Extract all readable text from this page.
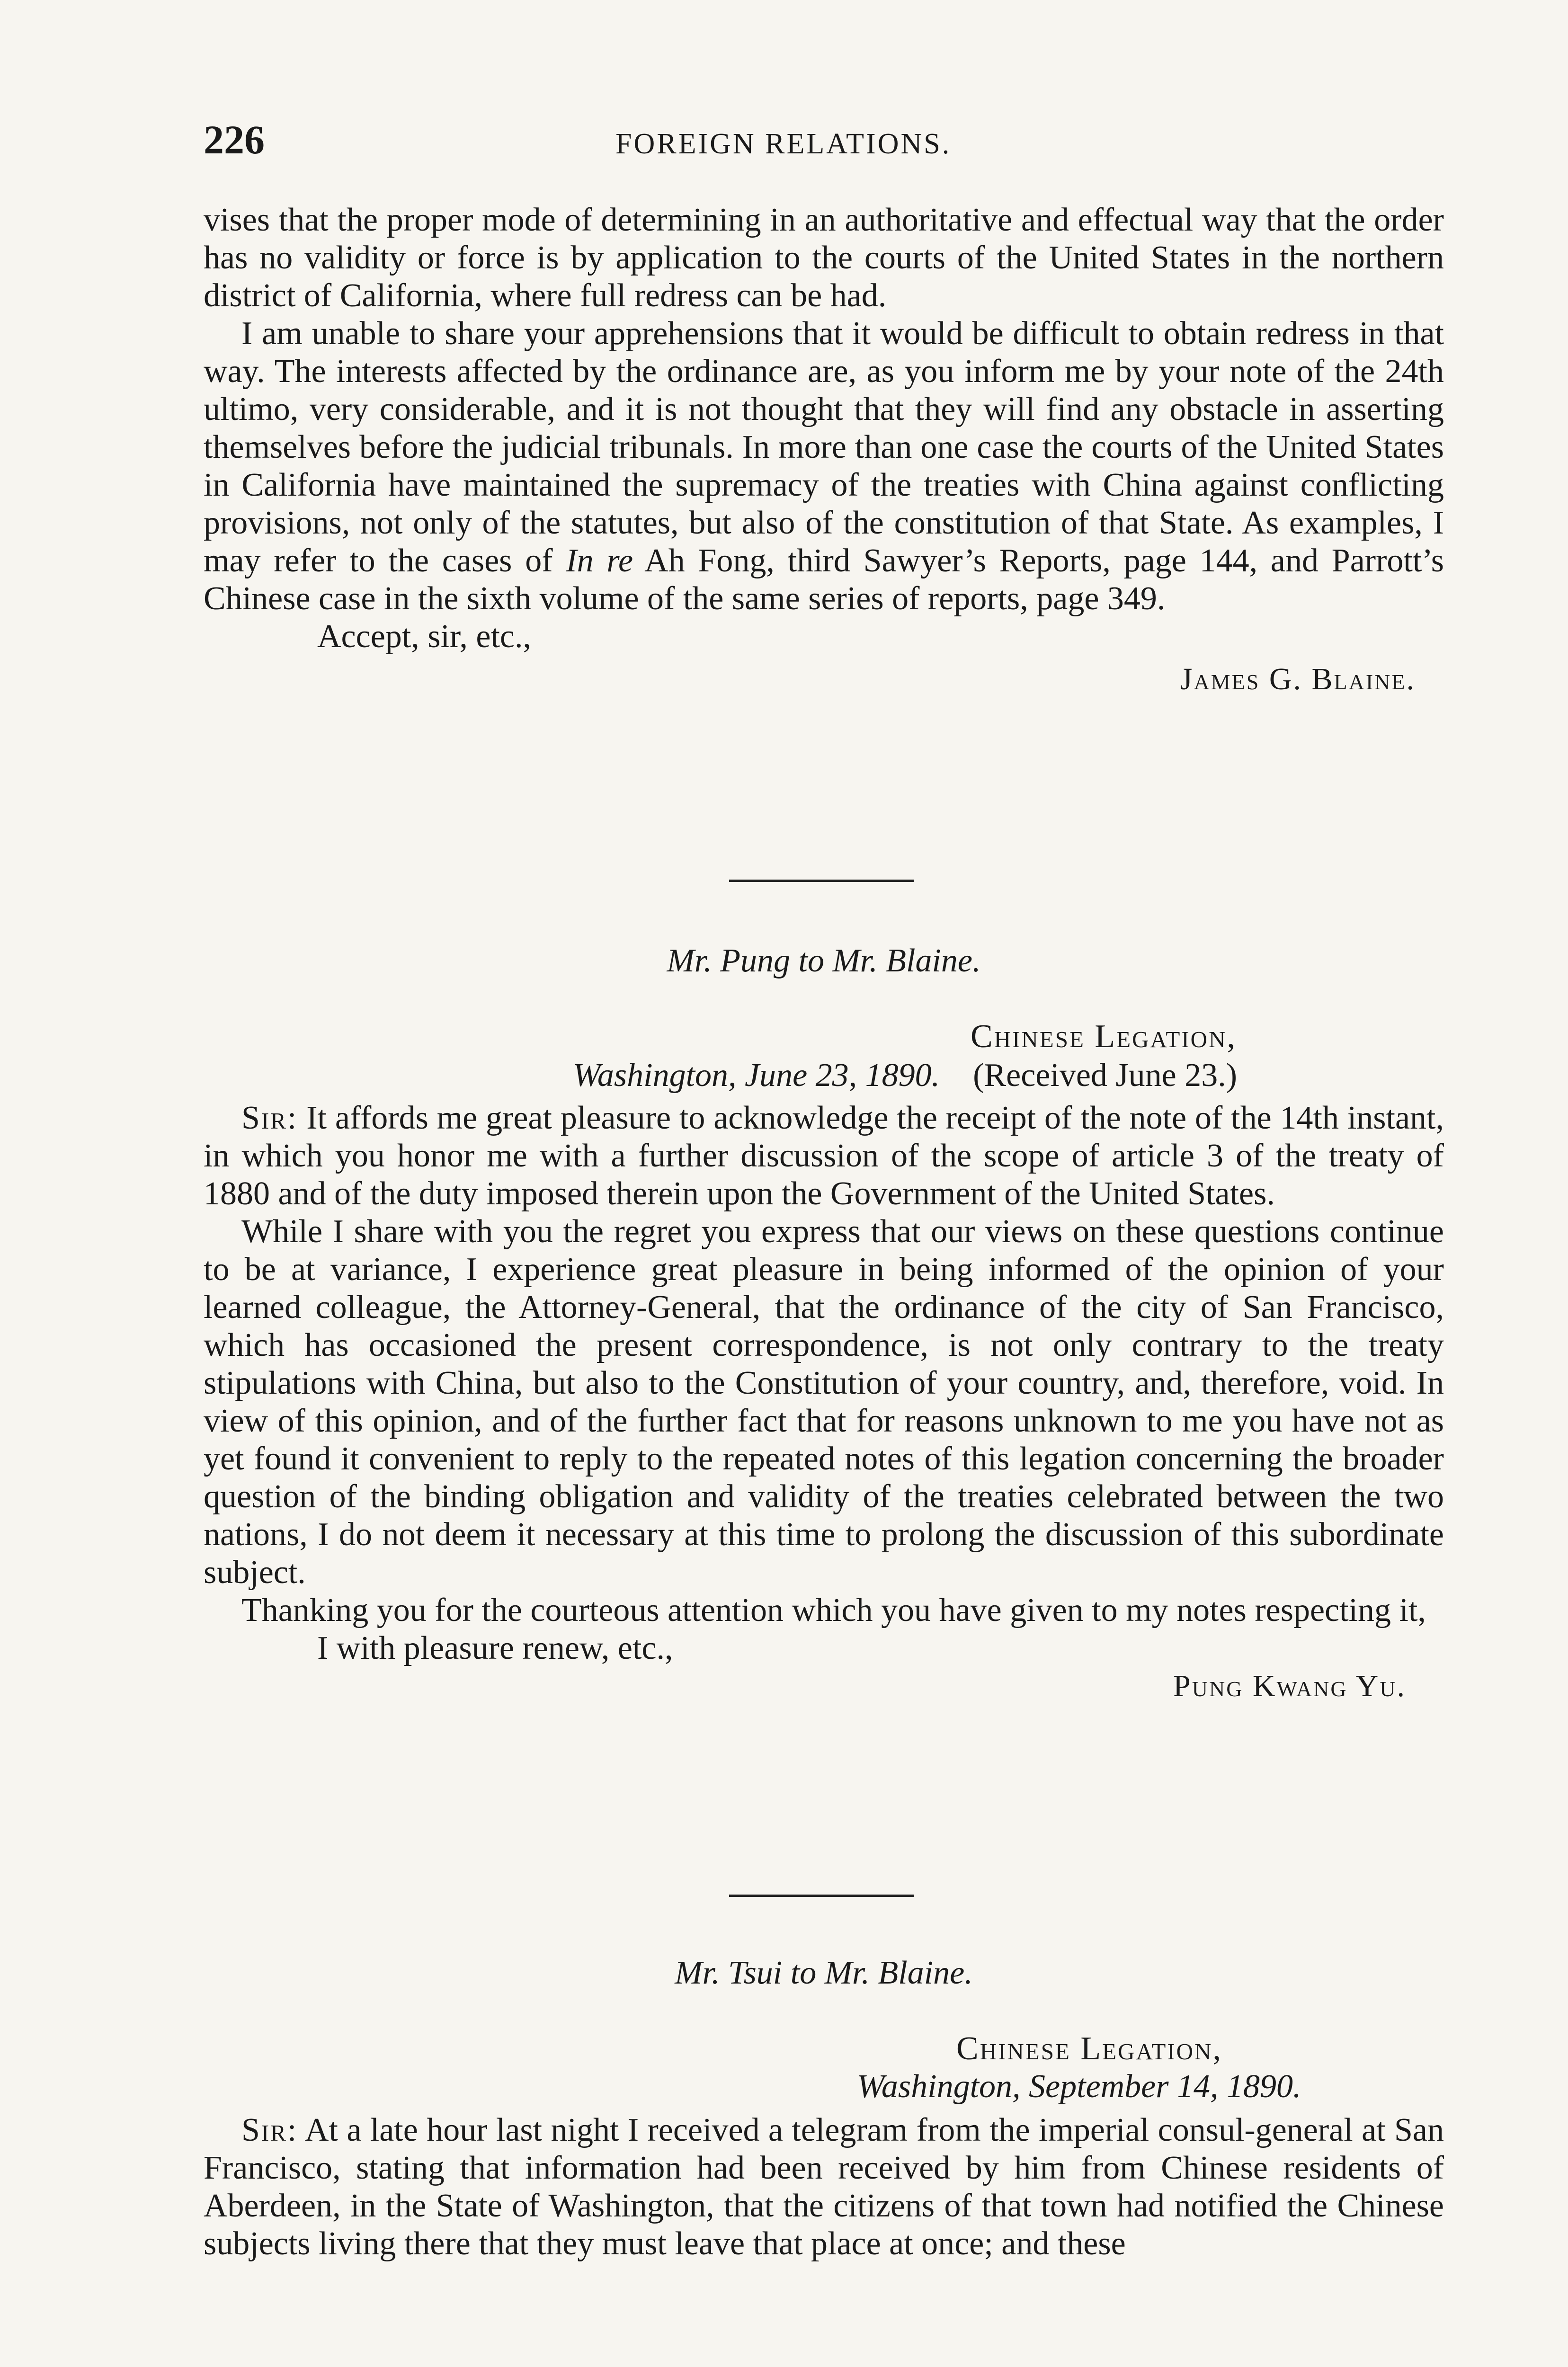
226	FOREIGN RELATIONS.

vises that the proper mode of determining in an authoritative and effectual way that the order has no validity or force is by application to the courts of the United States in the northern district of California, where full redress can be had.

I am unable to share your apprehensions that it would be difficult to obtain redress in that way. The interests affected by the ordinance are, as you inform me by your note of the 24th ultimo, very considerable, and it is not thought that they will find any obstacle in asserting themselves before the judicial tribunals. In more than one case the courts of the United States in California have maintained the supremacy of the treaties with China against conflicting provisions, not only of the statutes, but also of the constitution of that State. As examples, I may refer to the cases of In re Ah Fong, third Sawyer’s Reports, page 144, and Parrott’s Chinese case in the sixth volume of the same series of reports, page 349.

Accept, sir, etc.,

James G. Blaine.

Mr. Pung to Mr. Blaine.
Chinese Legation,
Washington, June 23, 1890. (Received June 23.)

Sir: It affords me great pleasure to acknowledge the receipt of the note of the 14th instant, in which you honor me with a further discussion of the scope of article 3 of the treaty of 1880 and of the duty imposed therein upon the Government of the United States.

While I share with you the regret you express that our views on these questions continue to be at variance, I experience great pleasure in being informed of the opinion of your learned colleague, the Attorney-General, that the ordinance of the city of San Francisco, which has occasioned the present correspondence, is not only contrary to the treaty stipulations with China, but also to the Constitution of your country, and, therefore, void. In view of this opinion, and of the further fact that for reasons unknown to me you have not as yet found it convenient to reply to the repeated notes of this legation concerning the broader question of the binding obligation and validity of the treaties celebrated between the two nations, I do not deem it necessary at this time to prolong the discussion of this subordinate subject.

Thanking you for the courteous attention which you have given to my notes respecting it,

I with pleasure renew, etc.,

Pung Kwang Yu.

Mr. Tsui to Mr. Blaine.
Chinese Legation,
Washington, September 14, 1890.

Sir: At a late hour last night I received a telegram from the imperial consul-general at San Francisco, stating that information had been received by him from Chinese residents of Aberdeen, in the State of Washington, that the citizens of that town had notified the Chinese subjects living there that they must leave that place at once; and these
